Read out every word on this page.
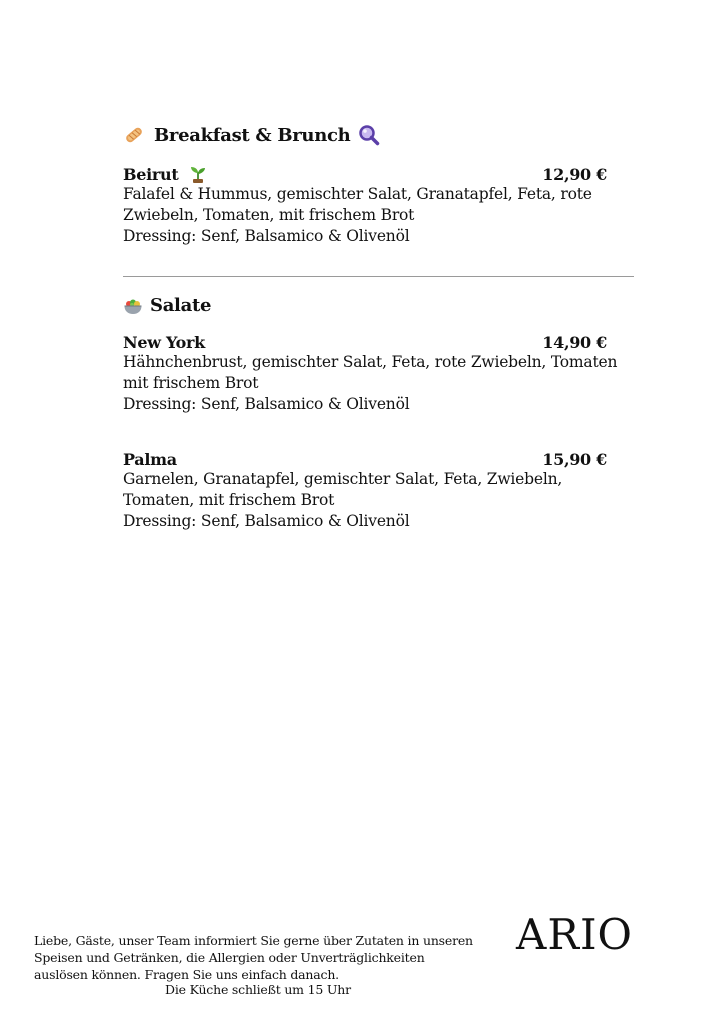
Breakfast & Brunch
Beirut	12,90 €
Falafel & Hummus, gemischter Salat, Granatapfel, Feta, rote
Zwiebeln, Tomaten, mit frischem Brot
Dressing: Senf, Balsamico & Olivenöl
Salate
New York	14,90 €
Hähnchenbrust, gemischter Salat, Feta, rote Zwiebeln, Tomaten
mit frischem Brot
Dressing: Senf, Balsamico & Olivenöl
Palma	15,90 €
Garnelen, Granatapfel, gemischter Salat, Feta, Zwiebeln,
Tomaten, mit frischem Brot
Dressing: Senf, Balsamico & Olivenöl
Liebe, Gäste, unser Team informiert Sie gerne über Zutaten in unseren
Speisen und Getränken, die Allergien oder Unverträglichkeiten
auslösen können. Fragen Sie uns einfach danach.
Die Küche schließt um 15 Uhr
ARIO
